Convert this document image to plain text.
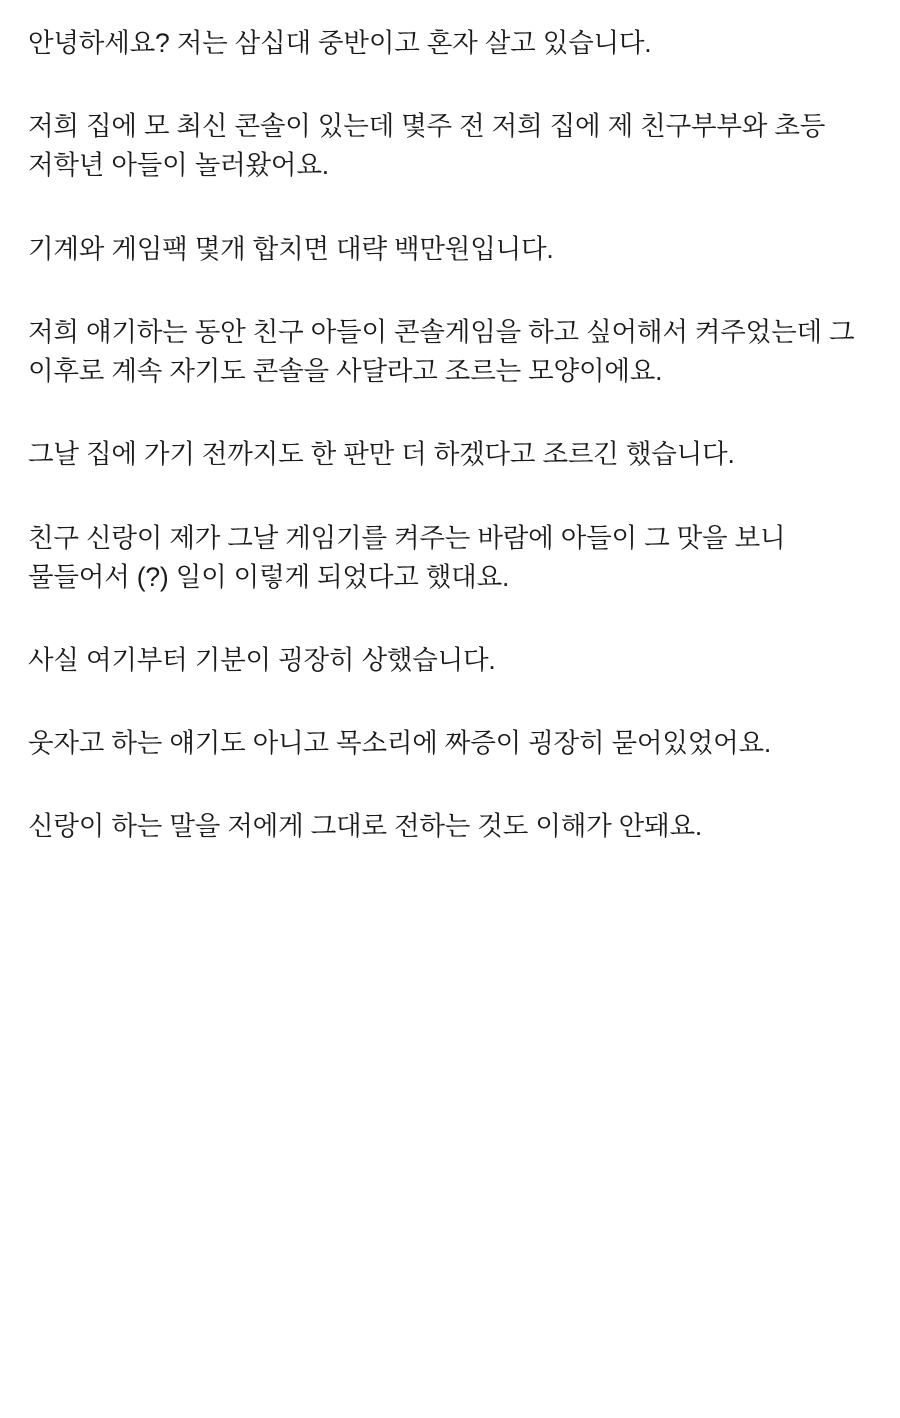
안녕하세요? 저는 삼십대 중반이고 혼자 살고 있습니다.

저희 집에 모 최신 콘솔이 있는데 몇주 전 저희 집에 제 친구부부와 초등 저학년 아들이 놀러왔어요.

기계와 게임팩 몇개 합치면 대략 백만원입니다.

저희 얘기하는 동안 친구 아들이 콘솔게임을 하고 싶어해서 켜주었는데 그 이후로 계속 자기도 콘솔을 사달라고 조르는 모양이에요.

그날 집에 가기 전까지도 한 판만 더 하겠다고 조르긴 했습니다.

친구 신랑이 제가 그날 게임기를 켜주는 바람에 아들이 그 맛을 보니 물들어서 (?) 일이 이렇게 되었다고 했대요.

사실 여기부터 기분이 굉장히 상했습니다.

웃자고 하는 얘기도 아니고 목소리에 짜증이 굉장히 묻어있었어요.

신랑이 하는 말을 저에게 그대로 전하는 것도 이해가 안돼요.
